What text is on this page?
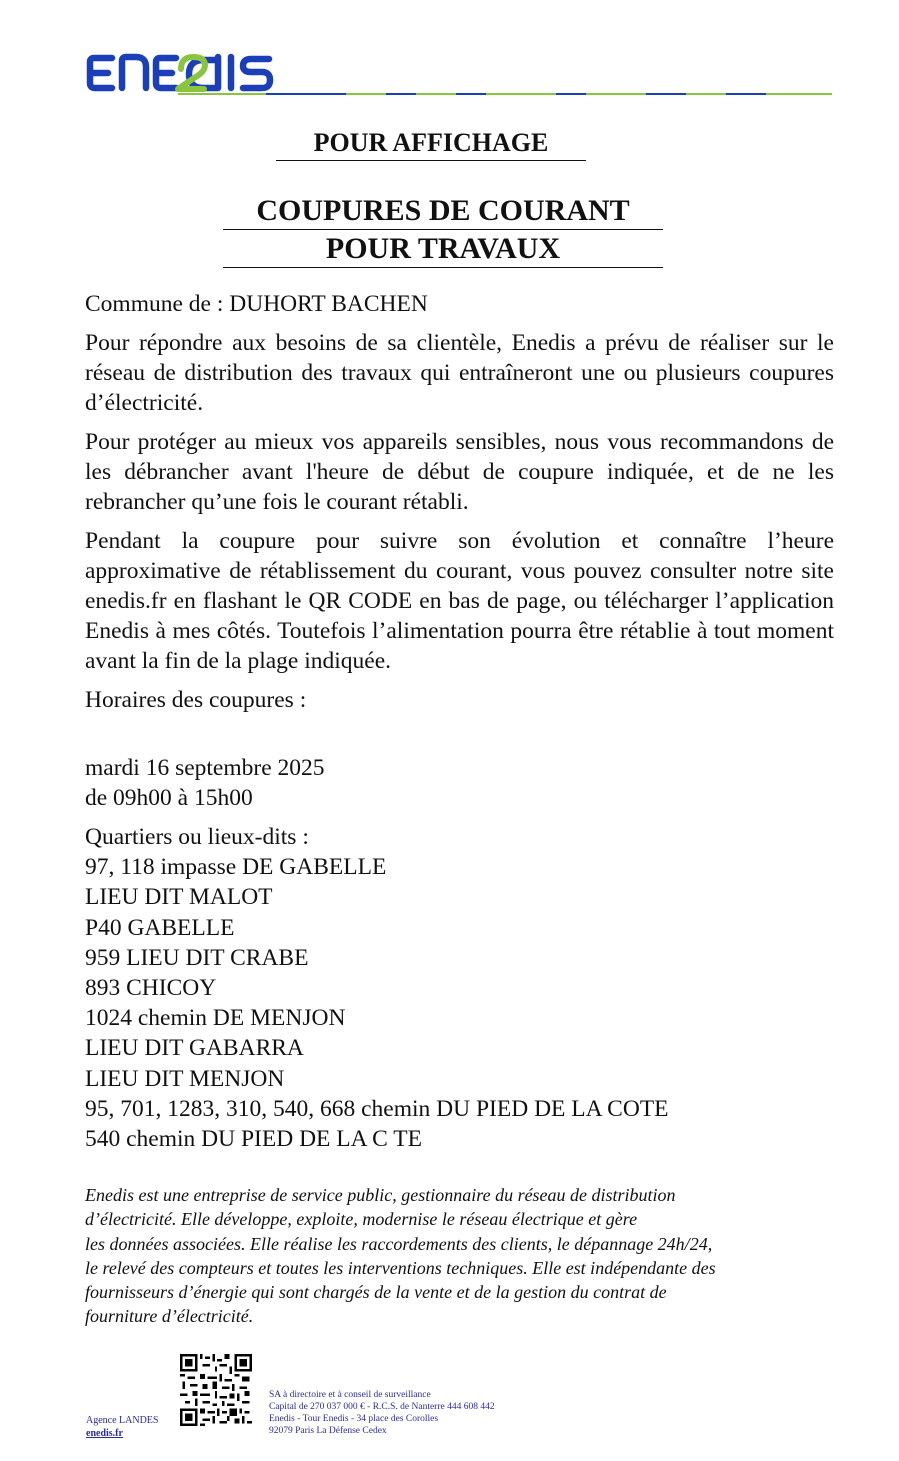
POUR AFFICHAGE
COUPURES DE COURANT
POUR TRAVAUX

Commune de : DUHORT BACHEN

Pour répondre aux besoins de sa clientèle, Enedis a prévu de réaliser sur le réseau de distribution des travaux qui entraîneront une ou plusieurs coupures d’électricité.

Pour protéger au mieux vos appareils sensibles, nous vous recommandons de les débrancher avant l'heure de début de coupure indiquée, et de ne les rebrancher qu’une fois le courant rétabli.

Pendant la coupure pour suivre son évolution et connaître l’heure approximative de rétablissement du courant, vous pouvez consulter notre site enedis.fr en flashant le QR CODE en bas de page, ou télécharger l’application Enedis à mes côtés. Toutefois l’alimentation pourra être rétablie à tout moment avant la fin de la plage indiquée.

Horaires des coupures :

mardi 16 septembre 2025

de 09h00 à 15h00

Quartiers ou lieux-dits :
97, 118 impasse DE GABELLE
LIEU DIT MALOT
P40 GABELLE
959 LIEU DIT CRABE
893 CHICOY
1024 chemin DE MENJON
LIEU DIT GABARRA
LIEU DIT MENJON
95, 701, 1283, 310, 540, 668 chemin DU PIED DE LA COTE
540 chemin DU PIED DE LA C TE
Enedis est une entreprise de service public, gestionnaire du réseau de distribution
d’électricité. Elle développe, exploite, modernise le réseau électrique et gère
les données associées. Elle réalise les raccordements des clients, le dépannage 24h/24,
le relevé des compteurs et toutes les interventions techniques. Elle est indépendante des
fournisseurs d’énergie qui sont chargés de la vente et de la gestion du contrat de
fourniture d’électricité.
Agence LANDES
enedis.fr
SA à directoire et à conseil de surveillance
Capital de 270 037 000 € - R.C.S. de Nanterre 444 608 442
Enedis - Tour Enedis - 34 place des Corolles
92079 Paris La Défense Cedex
